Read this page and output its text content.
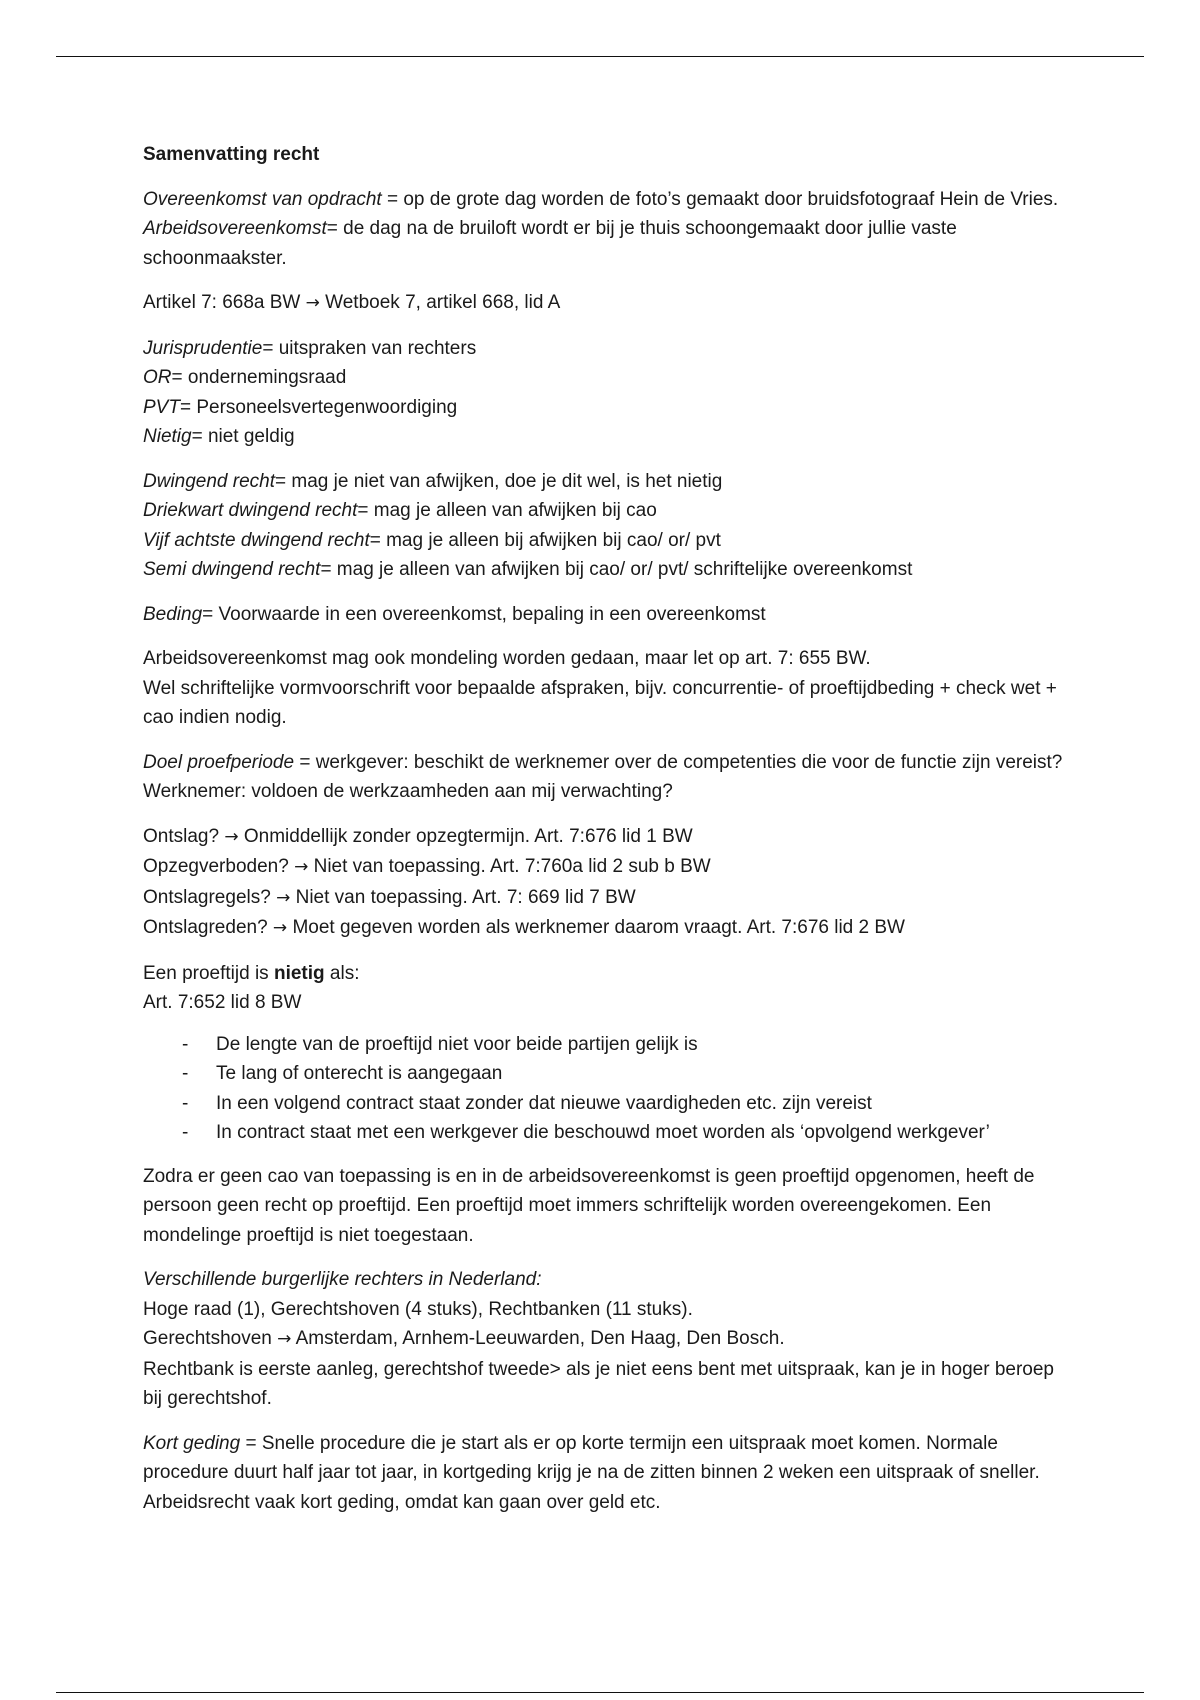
Samenvatting recht

Overeenkomst van opdracht = op de grote dag worden de foto’s gemaakt door bruidsfotograaf Hein de Vries.
Arbeidsovereenkomst= de dag na de bruiloft wordt er bij je thuis schoongemaakt door jullie vaste schoonmaakster.

Artikel 7: 668a BW → Wetboek 7, artikel 668, lid A

Jurisprudentie= uitspraken van rechters
OR= ondernemingsraad
PVT= Personeelsvertegenwoordiging
Nietig= niet geldig

Dwingend recht= mag je niet van afwijken, doe je dit wel, is het nietig
Driekwart dwingend recht= mag je alleen van afwijken bij cao
Vijf achtste dwingend recht= mag je alleen bij afwijken bij cao/ or/ pvt
Semi dwingend recht= mag je alleen van afwijken bij cao/ or/ pvt/ schriftelijke overeenkomst

Beding= Voorwaarde in een overeenkomst, bepaling in een overeenkomst

Arbeidsovereenkomst mag ook mondeling worden gedaan, maar let op art. 7: 655 BW.
Wel schriftelijke vormvoorschrift voor bepaalde afspraken, bijv. concurrentie- of proeftijdbeding + check wet + cao indien nodig.

Doel proefperiode = werkgever: beschikt de werknemer over de competenties die voor de functie zijn vereist? Werknemer: voldoen de werkzaamheden aan mij verwachting?

Ontslag? → Onmiddellijk zonder opzegtermijn. Art. 7:676 lid 1 BW
Opzegverboden? → Niet van toepassing. Art. 7:760a lid 2 sub b BW
Ontslagregels? → Niet van toepassing. Art. 7: 669 lid 7 BW
Ontslagreden? → Moet gegeven worden als werknemer daarom vraagt. Art. 7:676 lid 2 BW

Een proeftijd is nietig als:
Art. 7:652 lid 8 BW

- De lengte van de proeftijd niet voor beide partijen gelijk is
- Te lang of onterecht is aangegaan
- In een volgend contract staat zonder dat nieuwe vaardigheden etc. zijn vereist
- In contract staat met een werkgever die beschouwd moet worden als ‘opvolgend werkgever’

Zodra er geen cao van toepassing is en in de arbeidsovereenkomst is geen proeftijd opgenomen, heeft de persoon geen recht op proeftijd. Een proeftijd moet immers schriftelijk worden overeengekomen. Een mondelinge proeftijd is niet toegestaan.

Verschillende burgerlijke rechters in Nederland:
Hoge raad (1), Gerechtshoven (4 stuks), Rechtbanken (11 stuks).
Gerechtshoven → Amsterdam, Arnhem-Leeuwarden, Den Haag, Den Bosch.
Rechtbank is eerste aanleg, gerechtshof tweede> als je niet eens bent met uitspraak, kan je in hoger beroep bij gerechtshof.

Kort geding = Snelle procedure die je start als er op korte termijn een uitspraak moet komen. Normale procedure duurt half jaar tot jaar, in kortgeding krijg je na de zitten binnen 2 weken een uitspraak of sneller. Arbeidsrecht vaak kort geding, omdat kan gaan over geld etc.
